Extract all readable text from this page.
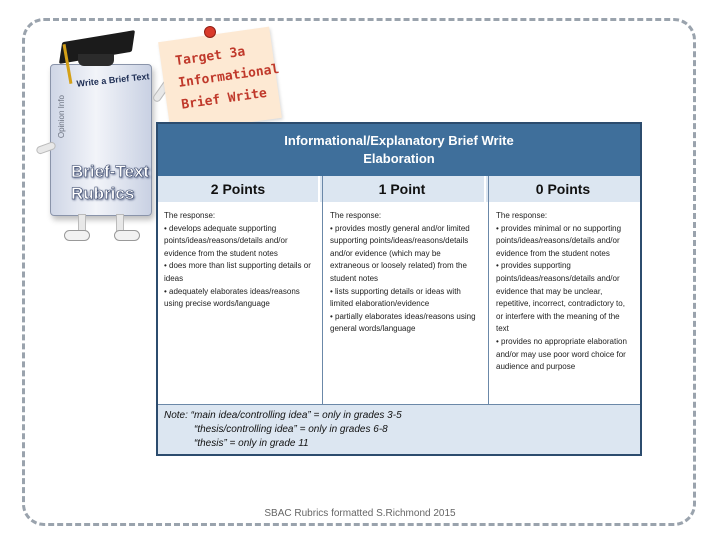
Opinion Info
Write a Brief Text
Brief-Text
Rubrics
Target 3a
Informational
Brief Write
Informational/Explanatory Brief Write
Elaboration
2 Points	1 Point	0 Points
The response:
• develops adequate supporting points/ideas/reasons/details and/or evidence from the student notes
• does more than list supporting details or ideas
• adequately elaborates ideas/reasons using precise words/language
The response:
• provides mostly general and/or limited supporting points/ideas/reasons/details and/or evidence (which may be extraneous or loosely related) from the student notes
• lists supporting details or ideas with limited elaboration/evidence
• partially elaborates ideas/reasons using general words/language
The response:
• provides minimal or no supporting points/ideas/reasons/details and/or evidence from the student notes
• provides supporting points/ideas/reasons/details and/or evidence that may be unclear, repetitive, incorrect, contradictory to, or interfere with the meaning of the text
• provides no appropriate elaboration and/or may use poor word choice for audience and purpose
Note: “main idea/controlling idea” = only in grades 3-5
“thesis/controlling idea” = only in grades 6-8
“thesis” = only in grade 11
SBAC Rubrics formatted S.Richmond 2015
